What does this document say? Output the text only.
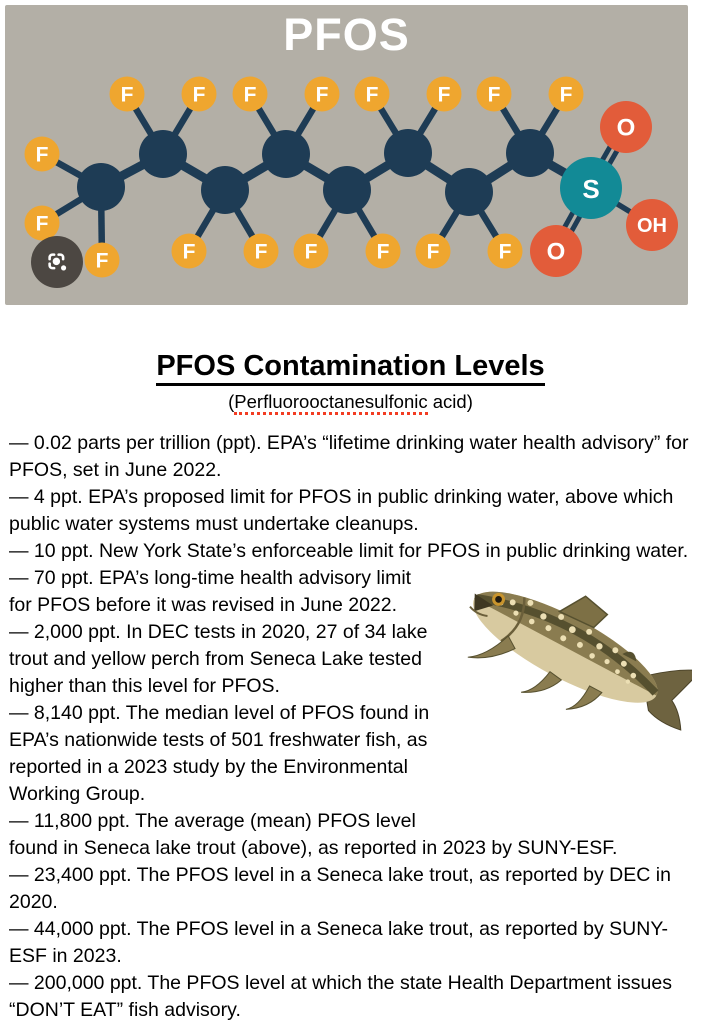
PFOS
S
O
OH
O
F
F
F
F	F
F	F
F	F
F	F
F	F
F	F
F	F
PFOS Contamination Levels

(Perfluorooctanesulfonic acid)

— 0.02 parts per trillion (ppt). EPA’s “lifetime drinking water health advisory” for PFOS, set in June 2022.
— 4 ppt. EPA’s proposed limit for PFOS in public drinking water, above which public water systems must undertake cleanups.
— 10 ppt. New York State’s enforceable limit for PFOS in public drinking water.
— 70 ppt. EPA’s long-time health advisory limit for PFOS before it was revised in June 2022.
— 2,000 ppt. In DEC tests in 2020, 27 of 34 lake trout and yellow perch from Seneca Lake tested higher than this level for PFOS.
— 8,140 ppt. The median level of PFOS found in EPA’s nationwide tests of 501 freshwater fish, as reported in a 2023 study by the Environmental Working Group.
— 11,800 ppt. The average (mean) PFOS level found in Seneca lake trout (above), as reported in 2023 by SUNY-ESF.
— 23,400 ppt. The PFOS level in a Seneca lake trout, as reported by DEC in 2020.
— 44,000 ppt. The PFOS level in a Seneca lake trout, as reported by SUNY-ESF in 2023.
— 200,000 ppt. The PFOS level at which the state Health Department issues “DON’T EAT” fish advisory.
